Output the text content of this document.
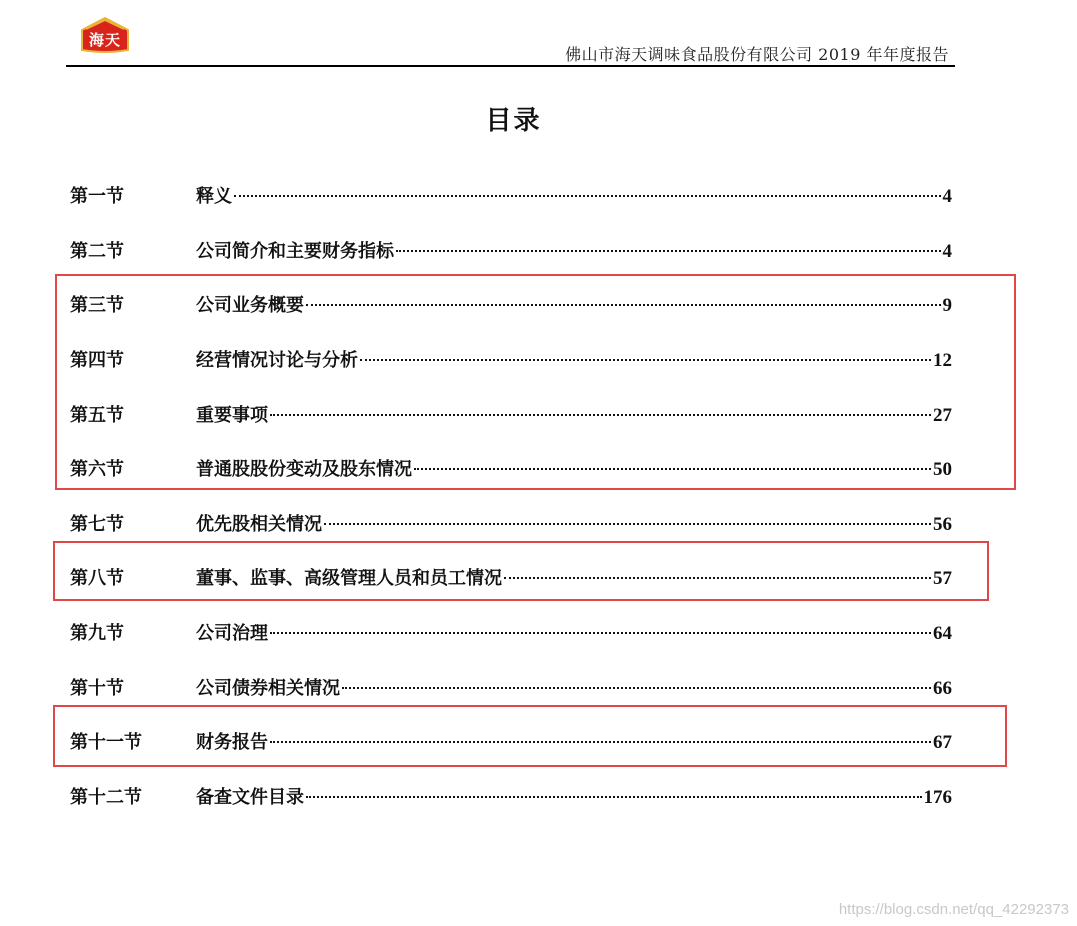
海天
佛山市海天调味食品股份有限公司 2019 年年度报告
目录
第一节	释义	4
第二节	公司简介和主要财务指标	4
第三节	公司业务概要	9
第四节	经营情况讨论与分析	12
第五节	重要事项	27
第六节	普通股股份变动及股东情况	50
第七节	优先股相关情况	56
第八节	董事、监事、高级管理人员和员工情况	57
第九节	公司治理	64
第十节	公司债券相关情况	66
第十一节	财务报告	67
第十二节	备查文件目录	176
https://blog.csdn.net/qq_42292373
